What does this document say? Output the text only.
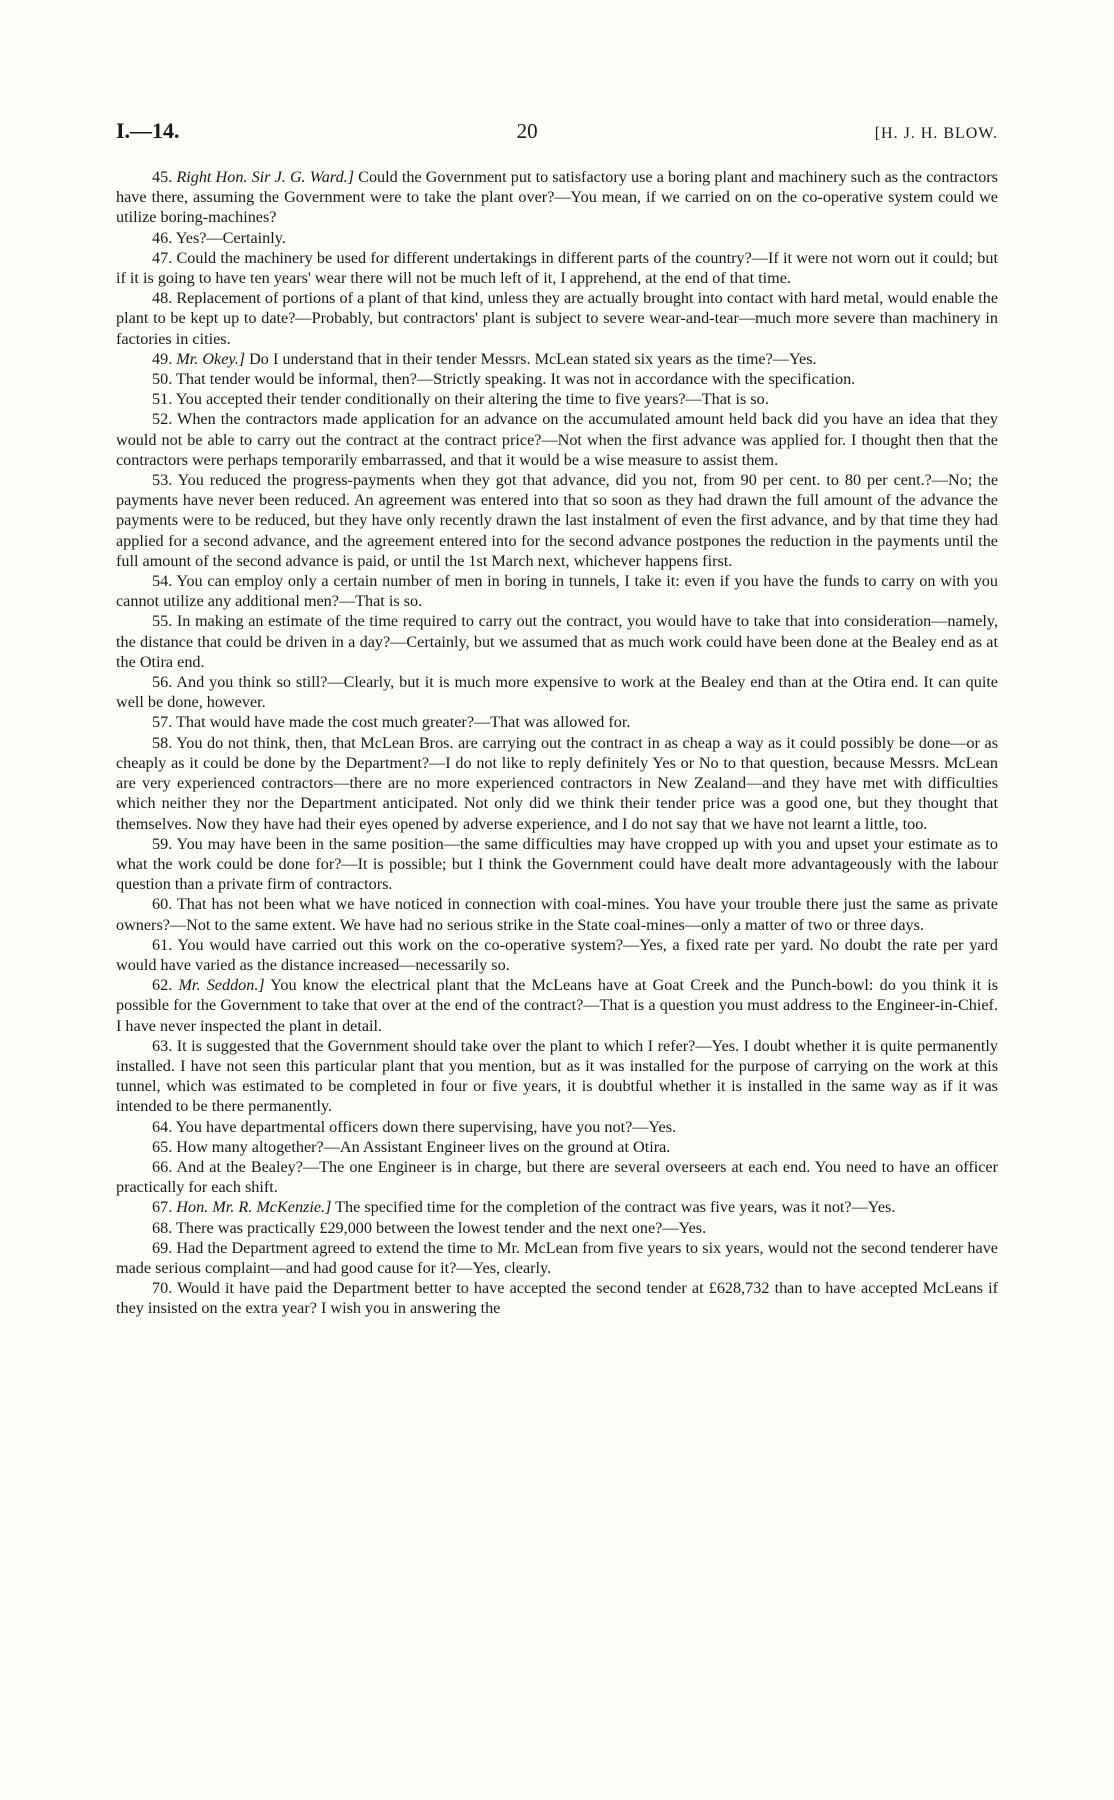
I.—14.	20	[H. J. H. BLOW.

45. Right Hon. Sir J. G. Ward.] Could the Government put to satisfactory use a boring plant and machinery such as the contractors have there, assuming the Government were to take the plant over?—You mean, if we carried on on the co-operative system could we utilize boring-machines?

46. Yes?—Certainly.

47. Could the machinery be used for different undertakings in different parts of the country?—If it were not worn out it could; but if it is going to have ten years' wear there will not be much left of it, I apprehend, at the end of that time.

48. Replacement of portions of a plant of that kind, unless they are actually brought into contact with hard metal, would enable the plant to be kept up to date?—Probably, but contractors' plant is subject to severe wear-and-tear—much more severe than machinery in factories in cities.

49. Mr. Okey.] Do I understand that in their tender Messrs. McLean stated six years as the time?—Yes.

50. That tender would be informal, then?—Strictly speaking. It was not in accordance with the specification.

51. You accepted their tender conditionally on their altering the time to five years?—That is so.

52. When the contractors made application for an advance on the accumulated amount held back did you have an idea that they would not be able to carry out the contract at the contract price?—Not when the first advance was applied for. I thought then that the contractors were perhaps temporarily embarrassed, and that it would be a wise measure to assist them.

53. You reduced the progress-payments when they got that advance, did you not, from 90 per cent. to 80 per cent.?—No; the payments have never been reduced. An agreement was entered into that so soon as they had drawn the full amount of the advance the payments were to be reduced, but they have only recently drawn the last instalment of even the first advance, and by that time they had applied for a second advance, and the agreement entered into for the second advance postpones the reduction in the payments until the full amount of the second advance is paid, or until the 1st March next, whichever happens first.

54. You can employ only a certain number of men in boring in tunnels, I take it: even if you have the funds to carry on with you cannot utilize any additional men?—That is so.

55. In making an estimate of the time required to carry out the contract, you would have to take that into consideration—namely, the distance that could be driven in a day?—Certainly, but we assumed that as much work could have been done at the Bealey end as at the Otira end.

56. And you think so still?—Clearly, but it is much more expensive to work at the Bealey end than at the Otira end. It can quite well be done, however.

57. That would have made the cost much greater?—That was allowed for.

58. You do not think, then, that McLean Bros. are carrying out the contract in as cheap a way as it could possibly be done—or as cheaply as it could be done by the Department?—I do not like to reply definitely Yes or No to that question, because Messrs. McLean are very experienced contractors—there are no more experienced contractors in New Zealand—and they have met with difficulties which neither they nor the Department anticipated. Not only did we think their tender price was a good one, but they thought that themselves. Now they have had their eyes opened by adverse experience, and I do not say that we have not learnt a little, too.

59. You may have been in the same position—the same difficulties may have cropped up with you and upset your estimate as to what the work could be done for?—It is possible; but I think the Government could have dealt more advantageously with the labour question than a private firm of contractors.

60. That has not been what we have noticed in connection with coal-mines. You have your trouble there just the same as private owners?—Not to the same extent. We have had no serious strike in the State coal-mines—only a matter of two or three days.

61. You would have carried out this work on the co-operative system?—Yes, a fixed rate per yard. No doubt the rate per yard would have varied as the distance increased—necessarily so.

62. Mr. Seddon.] You know the electrical plant that the McLeans have at Goat Creek and the Punch-bowl: do you think it is possible for the Government to take that over at the end of the contract?—That is a question you must address to the Engineer-in-Chief. I have never inspected the plant in detail.

63. It is suggested that the Government should take over the plant to which I refer?—Yes. I doubt whether it is quite permanently installed. I have not seen this particular plant that you mention, but as it was installed for the purpose of carrying on the work at this tunnel, which was estimated to be completed in four or five years, it is doubtful whether it is installed in the same way as if it was intended to be there permanently.

64. You have departmental officers down there supervising, have you not?—Yes.

65. How many altogether?—An Assistant Engineer lives on the ground at Otira.

66. And at the Bealey?—The one Engineer is in charge, but there are several overseers at each end. You need to have an officer practically for each shift.

67. Hon. Mr. R. McKenzie.] The specified time for the completion of the contract was five years, was it not?—Yes.

68. There was practically £29,000 between the lowest tender and the next one?—Yes.

69. Had the Department agreed to extend the time to Mr. McLean from five years to six years, would not the second tenderer have made serious complaint—and had good cause for it?—Yes, clearly.

70. Would it have paid the Department better to have accepted the second tender at £628,732 than to have accepted McLeans if they insisted on the extra year? I wish you in answering the
